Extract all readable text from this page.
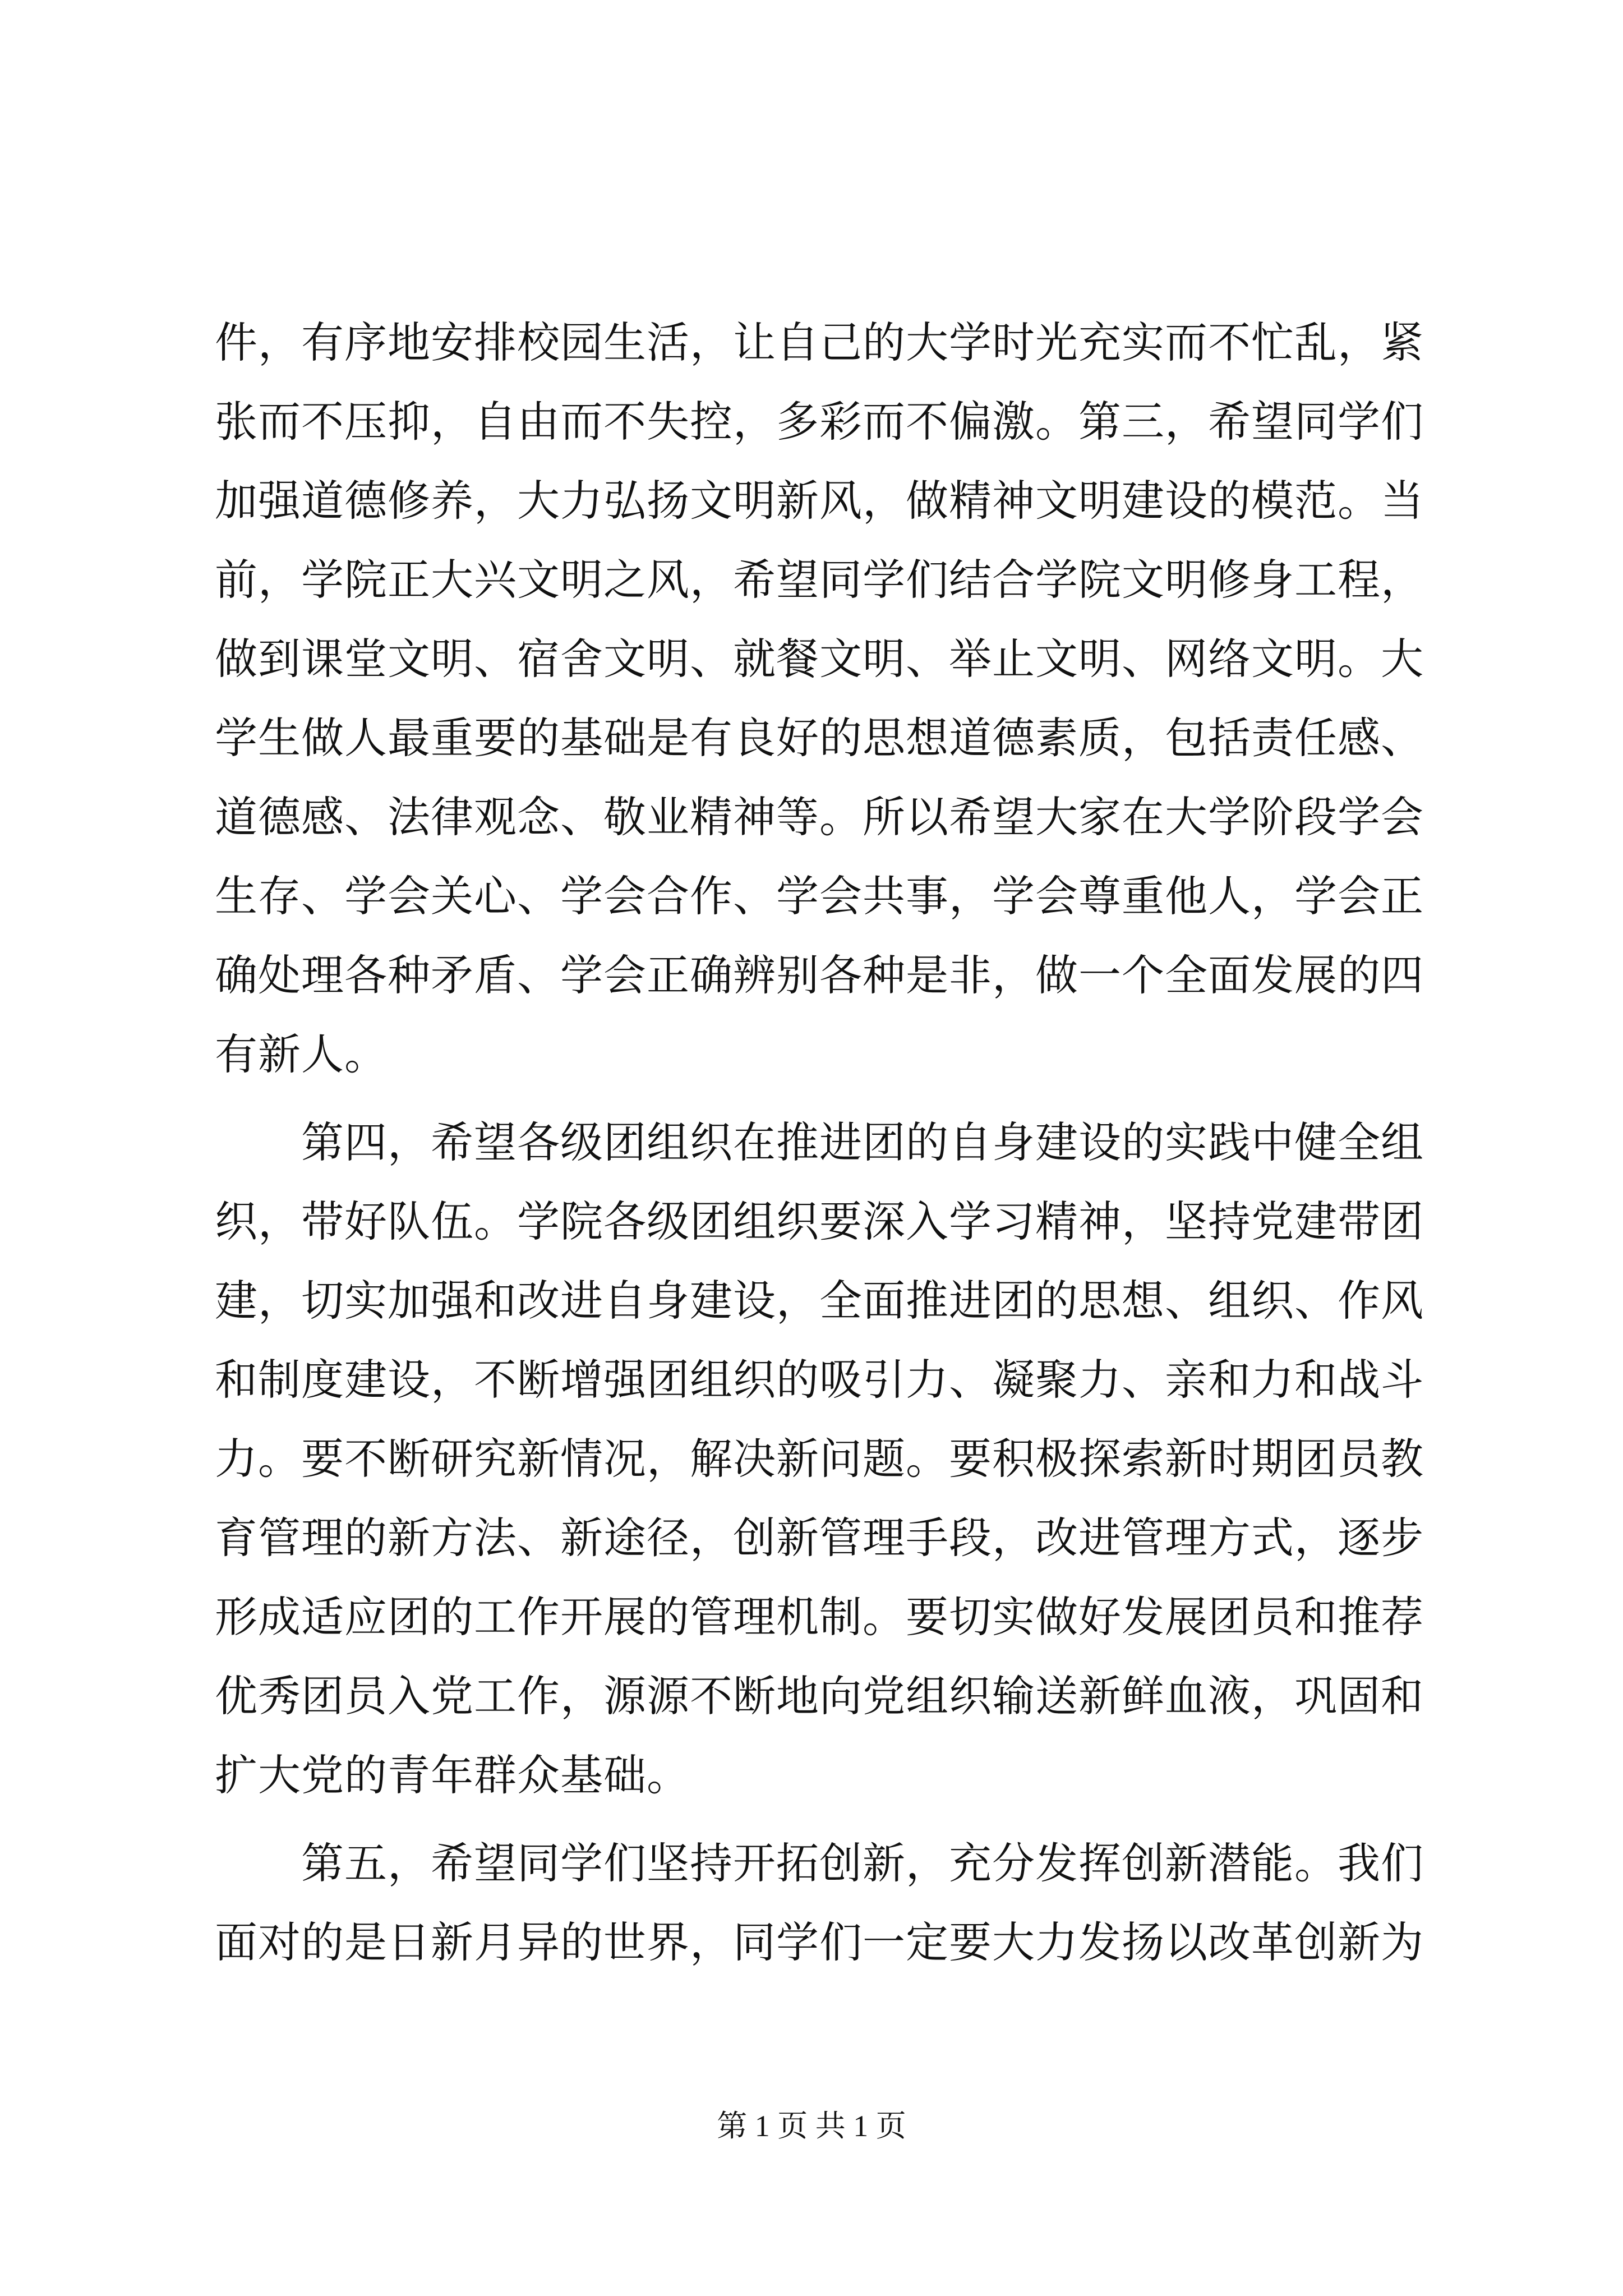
件，有序地安排校园生活，让自己的大学时光充实而不忙乱，紧
张而不压抑，自由而不失控，多彩而不偏激。第三，希望同学们
加强道德修养，大力弘扬文明新风，做精神文明建设的模范。当
前，学院正大兴文明之风，希望同学们结合学院文明修身工程，
做到课堂文明、宿舍文明、就餐文明、举止文明、网络文明。大
学生做人最重要的基础是有良好的思想道德素质，包括责任感、
道德感、法律观念、敬业精神等。所以希望大家在大学阶段学会
生存、学会关心、学会合作、学会共事，学会尊重他人，学会正
确处理各种矛盾、学会正确辨别各种是非，做一个全面发展的四
有新人。
　　第四，希望各级团组织在推进团的自身建设的实践中健全组
织，带好队伍。学院各级团组织要深入学习精神，坚持党建带团
建，切实加强和改进自身建设，全面推进团的思想、组织、作风
和制度建设，不断增强团组织的吸引力、凝聚力、亲和力和战斗
力。要不断研究新情况，解决新问题。要积极探索新时期团员教
育管理的新方法、新途径，创新管理手段，改进管理方式，逐步
形成适应团的工作开展的管理机制。要切实做好发展团员和推荐
优秀团员入党工作，源源不断地向党组织输送新鲜血液，巩固和
扩大党的青年群众基础。
　　第五，希望同学们坚持开拓创新，充分发挥创新潜能。我们
面对的是日新月异的世界，同学们一定要大力发扬以改革创新为
第 1 页 共 1 页
